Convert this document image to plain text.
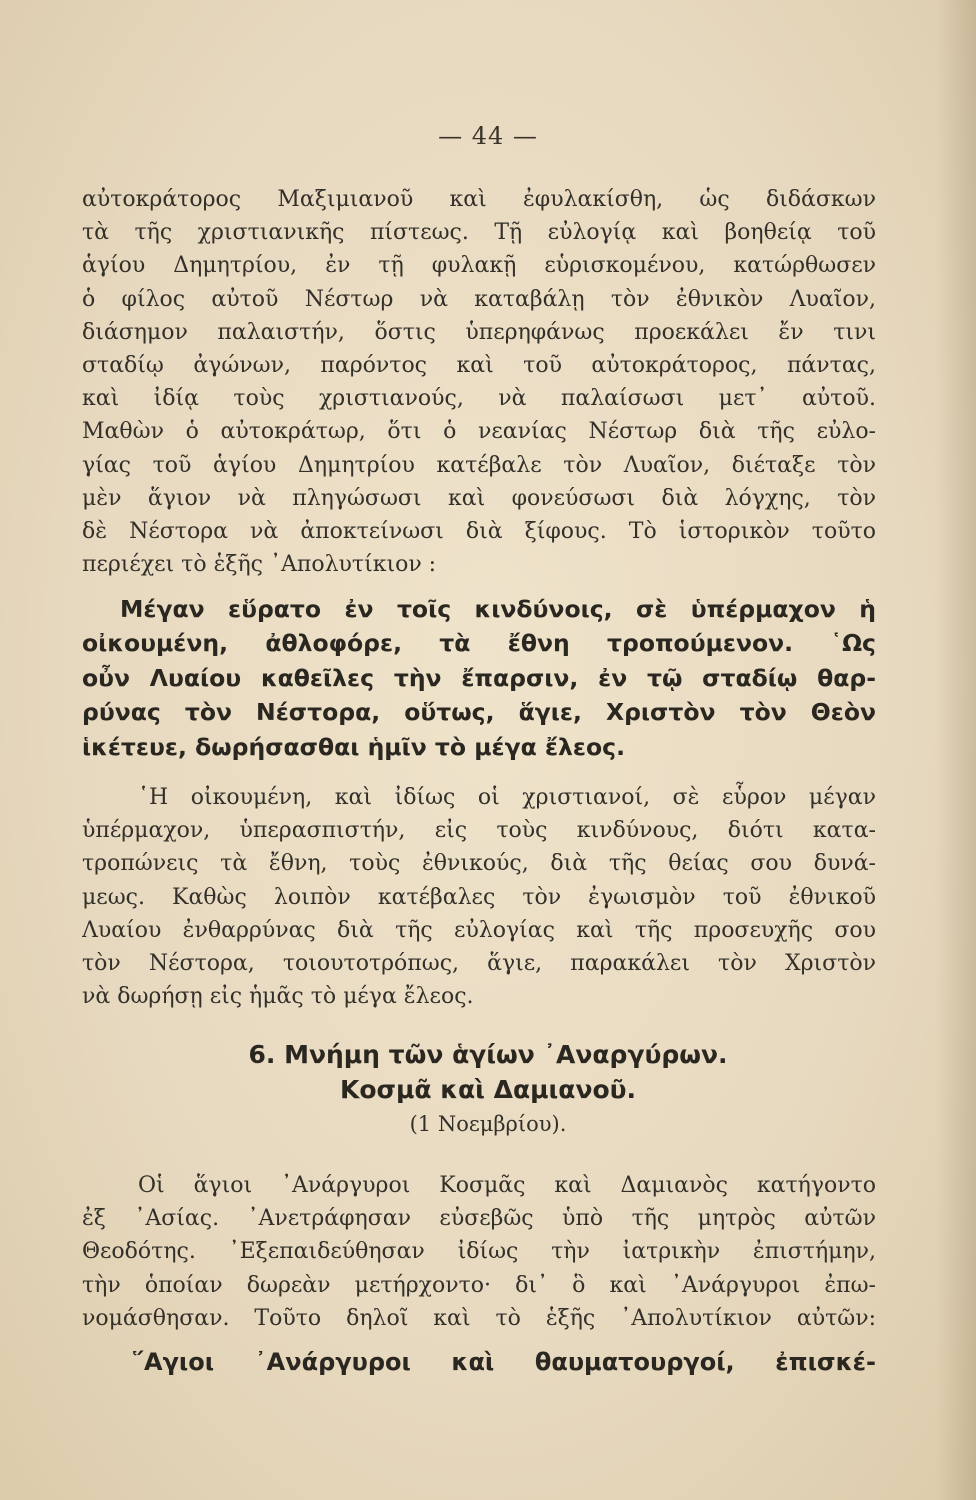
— 44 —
αὐτοκράτορος Μαξιμιανοῦ καὶ ἐφυλακίσθη, ὡς διδάσκων
τὰ τῆς χριστιανικῆς πίστεως. Τῇ εὐλογίᾳ καὶ βοηθείᾳ τοῦ
ἁγίου Δημητρίου, ἐν τῇ φυλακῇ εὑρισκομένου, κατώρθωσεν
ὁ φίλος αὐτοῦ Νέστωρ νὰ καταβάλῃ τὸν ἐθνικὸν Λυαῖον,
διάσημον παλαιστήν, ὅστις ὑπερηφάνως προεκάλει ἔν τινι
σταδίῳ ἀγώνων, παρόντος καὶ τοῦ αὐτοκράτορος, πάντας,
καὶ ἰδίᾳ τοὺς χριστιανούς, νὰ παλαίσωσι μετ᾽ αὐτοῦ.
Μαθὼν ὁ αὐτοκράτωρ, ὅτι ὁ νεανίας Νέστωρ διὰ τῆς εὐλο-
γίας τοῦ ἁγίου Δημητρίου κατέβαλε τὸν Λυαῖον, διέταξε τὸν
μὲν ἅγιον νὰ πληγώσωσι καὶ φονεύσωσι διὰ λόγχης, τὸν
δὲ Νέστορα νὰ ἀποκτείνωσι διὰ ξίφους. Τὸ ἱστορικὸν τοῦτο
περιέχει τὸ ἑξῆς ᾽Απολυτίκιον :
Μέγαν εὕρατο ἐν τοῖς κινδύνοις, σὲ ὑπέρμαχον ἡ
οἰκουμένη, ἀθλοφόρε, τὰ ἔθνη τροπούμενον. ῾Ως
οὖν Λυαίου καθεῖλες τὴν ἔπαρσιν, ἐν τῷ σταδίῳ θαρ-
ρύνας τὸν Νέστορα, οὕτως, ἅγιε, Χριστὸν τὸν Θεὸν
ἱκέτευε, δωρήσασθαι ἡμῖν τὸ μέγα ἔλεος.
῾Η οἰκουμένη, καὶ ἰδίως οἱ χριστιανοί, σὲ εὗρον μέγαν
ὑπέρμαχον, ὑπερασπιστήν, εἰς τοὺς κινδύνους, διότι κατα-
τροπώνεις τὰ ἔθνη, τοὺς ἐθνικούς, διὰ τῆς θείας σου δυνά-
μεως. Καθὼς λοιπὸν κατέβαλες τὸν ἐγωισμὸν τοῦ ἐθνικοῦ
Λυαίου ἐνθαρρύνας διὰ τῆς εὐλογίας καὶ τῆς προσευχῆς σου
τὸν Νέστορα, τοιουτοτρόπως, ἅγιε, παρακάλει τὸν Χριστὸν
νὰ δωρήσῃ εἰς ἡμᾶς τὸ μέγα ἔλεος.
6. Μνήμη τῶν ἁγίων ᾽Αναργύρων.
Κοσμᾶ καὶ Δαμιανοῦ.
(1 Νοεμβρίου).
Οἱ ἅγιοι ᾽Ανάργυροι Κοσμᾶς καὶ Δαμιανὸς κατήγοντο
ἐξ ᾽Ασίας. ᾽Ανετράφησαν εὐσεβῶς ὑπὸ τῆς μητρὸς αὐτῶν
Θεοδότης. ᾽Εξεπαιδεύθησαν ἰδίως τὴν ἰατρικὴν ἐπιστήμην,
τὴν ὁποίαν δωρεὰν μετήρχοντο· δι᾽ ὃ καὶ ᾽Ανάργυροι ἐπω-
νομάσθησαν. Τοῦτο δηλοῖ καὶ τὸ ἑξῆς ᾽Απολυτίκιον αὐτῶν:
῞Αγιοι ᾽Ανάργυροι καὶ θαυματουργοί, ἐπισκέ-
